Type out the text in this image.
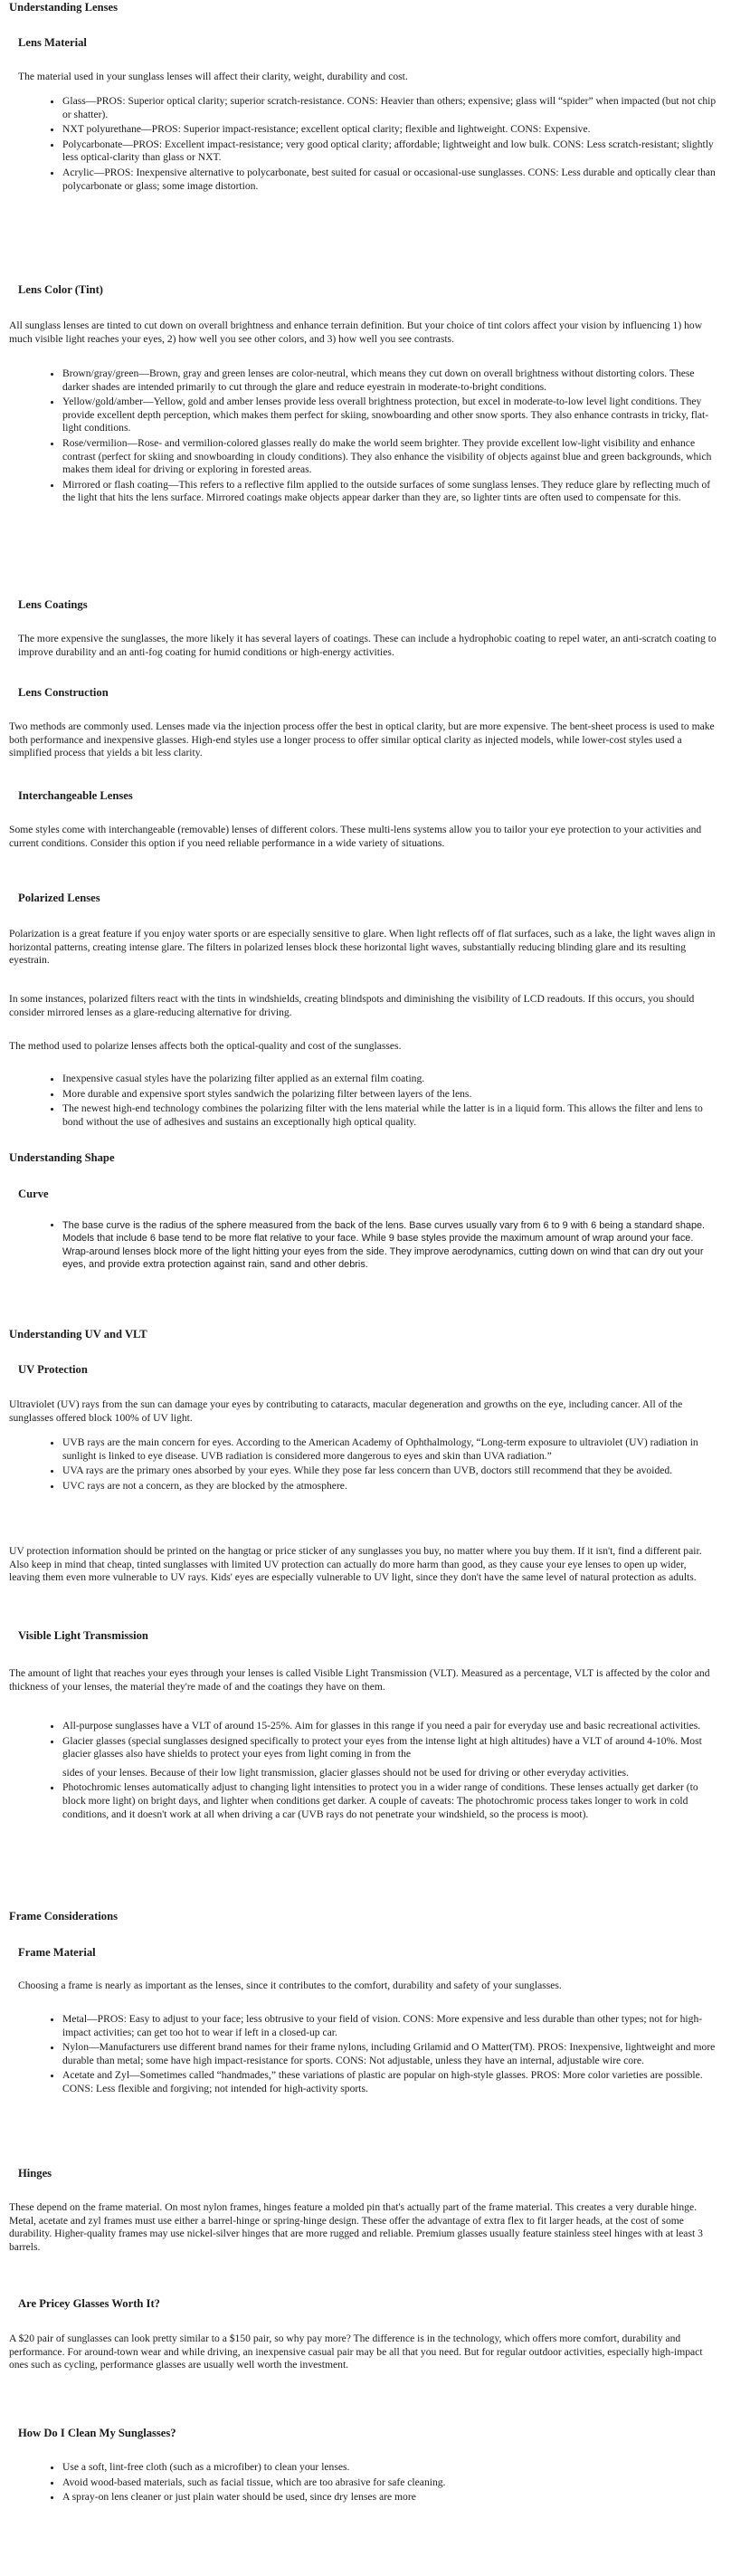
Understanding Lenses
Lens Material

The material used in your sunglass lenses will affect their clarity, weight, durability and cost.

• Glass—PROS: Superior optical clarity; superior scratch-resistance. CONS: Heavier than others; expensive; glass will “spider” when impacted (but not chip or shatter).
• NXT polyurethane—PROS: Superior impact-resistance; excellent optical clarity; flexible and lightweight. CONS: Expensive.
• Polycarbonate—PROS: Excellent impact-resistance; very good optical clarity; affordable; lightweight and low bulk. CONS: Less scratch-resistant; slightly less optical-clarity than glass or NXT.
• Acrylic—PROS: Inexpensive alternative to polycarbonate, best suited for casual or occasional-use sunglasses. CONS: Less durable and optically clear than polycarbonate or glass; some image distortion.
Lens Color (Tint)

All sunglass lenses are tinted to cut down on overall brightness and enhance terrain definition. But your choice of tint colors affect your vision by influencing 1) how much visible light reaches your eyes, 2) how well you see other colors, and 3) how well you see contrasts.

• Brown/gray/green—Brown, gray and green lenses are color-neutral, which means they cut down on overall brightness without distorting colors. These darker shades are intended primarily to cut through the glare and reduce eyestrain in moderate-to-bright conditions.
• Yellow/gold/amber—Yellow, gold and amber lenses provide less overall brightness protection, but excel in moderate-to-low level light conditions. They provide excellent depth perception, which makes them perfect for skiing, snowboarding and other snow sports. They also enhance contrasts in tricky, flat-light conditions.
• Rose/vermilion—Rose- and vermilion-colored glasses really do make the world seem brighter. They provide excellent low-light visibility and enhance contrast (perfect for skiing and snowboarding in cloudy conditions). They also enhance the visibility of objects against blue and green backgrounds, which makes them ideal for driving or exploring in forested areas.
• Mirrored or flash coating—This refers to a reflective film applied to the outside surfaces of some sunglass lenses. They reduce glare by reflecting much of the light that hits the lens surface. Mirrored coatings make objects appear darker than they are, so lighter tints are often used to compensate for this.
Lens Coatings

The more expensive the sunglasses, the more likely it has several layers of coatings. These can include a hydrophobic coating to repel water, an anti-scratch coating to improve durability and an anti-fog coating for humid conditions or high-energy activities.

Lens Construction

Two methods are commonly used. Lenses made via the injection process offer the best in optical clarity, but are more expensive. The bent-sheet process is used to make both performance and inexpensive glasses. High-end styles use a longer process to offer similar optical clarity as injected models, while lower-cost styles used a simplified process that yields a bit less clarity.

Interchangeable Lenses

Some styles come with interchangeable (removable) lenses of different colors. These multi-lens systems allow you to tailor your eye protection to your activities and current conditions. Consider this option if you need reliable performance in a wide variety of situations.

Polarized Lenses

Polarization is a great feature if you enjoy water sports or are especially sensitive to glare. When light reflects off of flat surfaces, such as a lake, the light waves align in horizontal patterns, creating intense glare. The filters in polarized lenses block these horizontal light waves, substantially reducing blinding glare and its resulting eyestrain.

In some instances, polarized filters react with the tints in windshields, creating blindspots and diminishing the visibility of LCD readouts. If this occurs, you should consider mirrored lenses as a glare-reducing alternative for driving.

The method used to polarize lenses affects both the optical-quality and cost of the sunglasses.

• Inexpensive casual styles have the polarizing filter applied as an external film coating.
• More durable and expensive sport styles sandwich the polarizing filter between layers of the lens.
• The newest high-end technology combines the polarizing filter with the lens material while the latter is in a liquid form. This allows the filter and lens to bond without the use of adhesives and sustains an exceptionally high optical quality.
Understanding Shape
Curve
• The base curve is the radius of the sphere measured from the back of the lens. Base curves usually vary from 6 to 9 with 6 being a standard shape. Models that include 6 base tend to be more flat relative to your face. While 9 base styles provide the maximum amount of wrap around your face. Wrap-around lenses block more of the light hitting your eyes from the side. They improve aerodynamics, cutting down on wind that can dry out your eyes, and provide extra protection against rain, sand and other debris.
Understanding UV and VLT
UV Protection

Ultraviolet (UV) rays from the sun can damage your eyes by contributing to cataracts, macular degeneration and growths on the eye, including cancer. All of the sunglasses offered block 100% of UV light.

• UVB rays are the main concern for eyes. According to the American Academy of Ophthalmology, “Long-term exposure to ultraviolet (UV) radiation in sunlight is linked to eye disease. UVB radiation is considered more dangerous to eyes and skin than UVA radiation.”
• UVA rays are the primary ones absorbed by your eyes. While they pose far less concern than UVB, doctors still recommend that they be avoided.
• UVC rays are not a concern, as they are blocked by the atmosphere.

UV protection information should be printed on the hangtag or price sticker of any sunglasses you buy, no matter where you buy them. If it isn't, find a different pair. Also keep in mind that cheap, tinted sunglasses with limited UV protection can actually do more harm than good, as they cause your eye lenses to open up wider, leaving them even more vulnerable to UV rays. Kids' eyes are especially vulnerable to UV light, since they don't have the same level of natural protection as adults.

Visible Light Transmission

The amount of light that reaches your eyes through your lenses is called Visible Light Transmission (VLT). Measured as a percentage, VLT is affected by the color and thickness of your lenses, the material they're made of and the coatings they have on them.

• All-purpose sunglasses have a VLT of around 15-25%. Aim for glasses in this range if you need a pair for everyday use and basic recreational activities.
• Glacier glasses (special sunglasses designed specifically to protect your eyes from the intense light at high altitudes) have a VLT of around 4-10%. Most glacier glasses also have shields to protect your eyes from light coming in from the
sides of your lenses. Because of their low light transmission, glacier glasses should not be used for driving or other everyday activities.
• Photochromic lenses automatically adjust to changing light intensities to protect you in a wider range of conditions. These lenses actually get darker (to block more light) on bright days, and lighter when conditions get darker. A couple of caveats: The photochromic process takes longer to work in cold conditions, and it doesn't work at all when driving a car (UVB rays do not penetrate your windshield, so the process is moot).
Frame Considerations
Frame Material

Choosing a frame is nearly as important as the lenses, since it contributes to the comfort, durability and safety of your sunglasses.

• Metal—PROS: Easy to adjust to your face; less obtrusive to your field of vision. CONS: More expensive and less durable than other types; not for high-impact activities; can get too hot to wear if left in a closed-up car.
• Nylon—Manufacturers use different brand names for their frame nylons, including Grilamid and O Matter(TM). PROS: Inexpensive, lightweight and more durable than metal; some have high impact-resistance for sports. CONS: Not adjustable, unless they have an internal, adjustable wire core.
• Acetate and Zyl—Sometimes called “handmades,” these variations of plastic are popular on high-style glasses. PROS: More color varieties are possible. CONS: Less flexible and forgiving; not intended for high-activity sports.
Hinges

These depend on the frame material. On most nylon frames, hinges feature a molded pin that's actually part of the frame material. This creates a very durable hinge. Metal, acetate and zyl frames must use either a barrel-hinge or spring-hinge design. These offer the advantage of extra flex to fit larger heads, at the cost of some durability. Higher-quality frames may use nickel-silver hinges that are more rugged and reliable. Premium glasses usually feature stainless steel hinges with at least 3 barrels.

Are Pricey Glasses Worth It?

A $20 pair of sunglasses can look pretty similar to a $150 pair, so why pay more? The difference is in the technology, which offers more comfort, durability and performance. For around-town wear and while driving, an inexpensive casual pair may be all that you need. But for regular outdoor activities, especially high-impact ones such as cycling, performance glasses are usually well worth the investment.

How Do I Clean My Sunglasses?
• Use a soft, lint-free cloth (such as a microfiber) to clean your lenses.
• Avoid wood-based materials, such as facial tissue, which are too abrasive for safe cleaning.
• A spray-on lens cleaner or just plain water should be used, since dry lenses are more
